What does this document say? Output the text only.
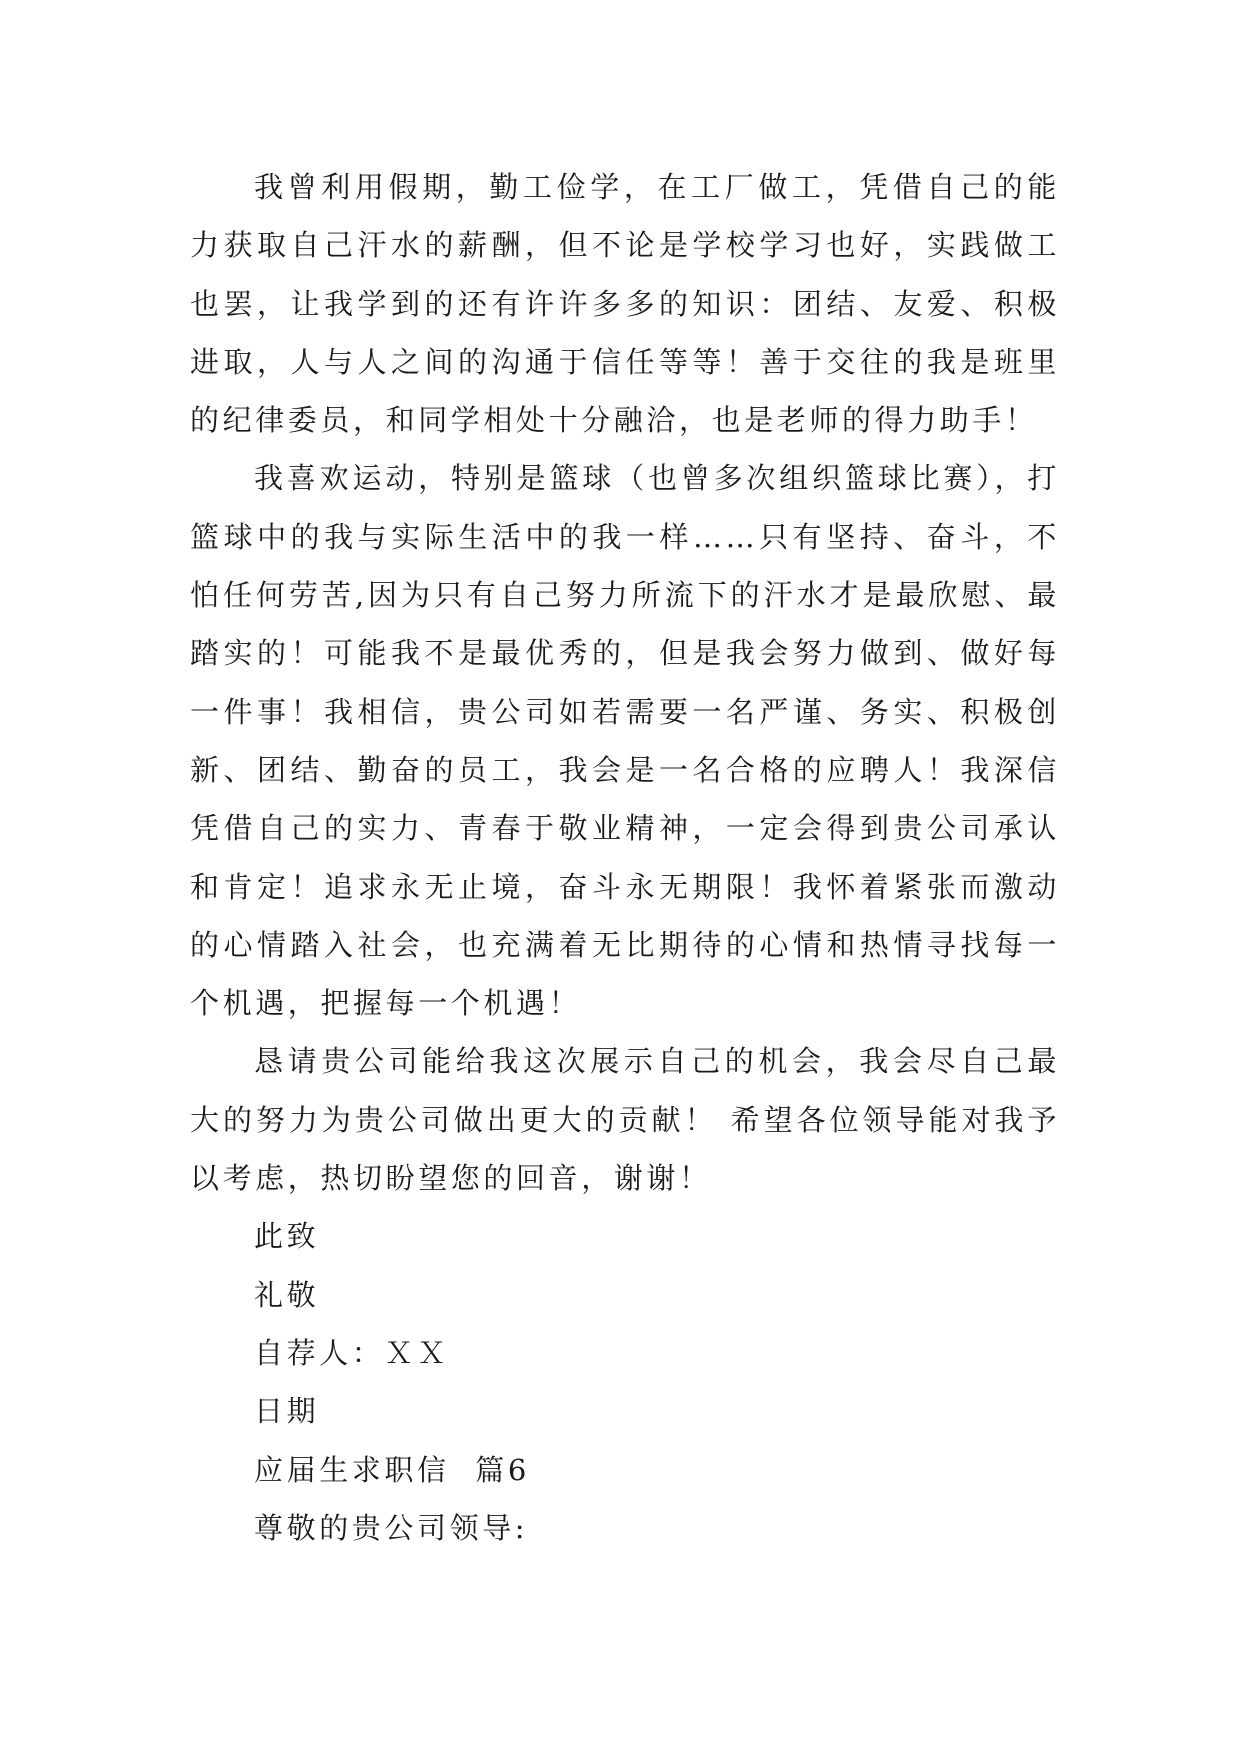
我曾利用假期，勤工俭学，在工厂做工，凭借自己的能力获取自己汗水的薪酬，但不论是学校学习也好，实践做工也罢，让我学到的还有许许多多的知识：团结、友爱、积极进取，人与人之间的沟通于信任等等！善于交往的我是班里的纪律委员，和同学相处十分融洽，也是老师的得力助手！

我喜欢运动，特别是篮球（也曾多次组织篮球比赛），打篮球中的我与实际生活中的我一样……只有坚持、奋斗，不怕任何劳苦,因为只有自己努力所流下的汗水才是最欣慰、最踏实的！可能我不是最优秀的，但是我会努力做到、做好每一件事！我相信，贵公司如若需要一名严谨、务实、积极创新、团结、勤奋的员工，我会是一名合格的应聘人！我深信凭借自己的实力、青春于敬业精神，一定会得到贵公司承认和肯定！追求永无止境，奋斗永无期限！我怀着紧张而激动的心情踏入社会，也充满着无比期待的心情和热情寻找每一个机遇，把握每一个机遇！

恳请贵公司能给我这次展示自己的机会，我会尽自己最大的努力为贵公司做出更大的贡献！ 希望各位领导能对我予以考虑，热切盼望您的回音，谢谢！

此致
礼敬
自荐人：ＸＸ
日期
应届生求职信  篇6
尊敬的贵公司领导:
